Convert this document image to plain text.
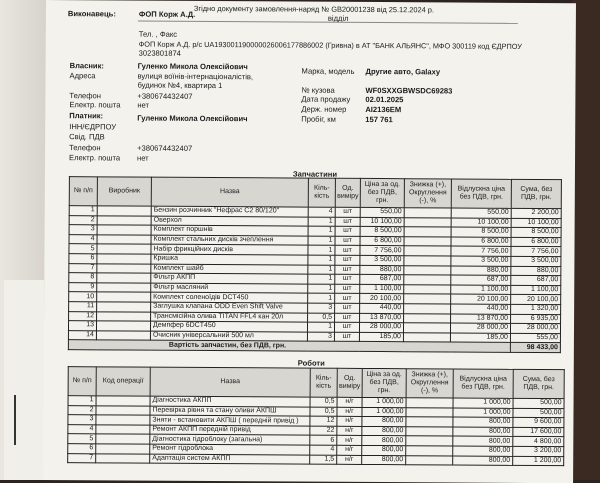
Згідно документу замовлення-наряд № GB20001238 від 25.12.2024 р.
Виконавець:	ФОП Корж А.Д.	відділ
Тел. , Факс
ФОП Корж А.Д. р/с UA193001190000026006177886002 (Гривна) в АТ "БАНК АЛЬЯНС", МФО 300119 код ЄДРПОУ
3023801874
Власник:	Гуленко Микола Олексійович
Адреса	вулиця воїнів-інтернаціоналістів,
будинок №4, квартира 1
Телефон	+380674432407
Електр. пошта нет
Платник:	Гуленко Микола Олексійович
ІНН/ЄДРПОУ
Свід. ПДВ
Телефон	+380674432407
Електр. пошта нет
Марка, модель Другие авто, Galaxy
№ кузова	WF0SXXGBWSDC69283
Дата продажу 02.01.2025
Держ. номер AI2136EM
Пробіг, км	157 761
Запчастини
№ п/п	Виробник	Назва	Кіль-кість	Од. виміру	Ціна за од. без ПДВ, грн.	Знижка (+), Округлення (-), %	Відлускна ціна без ПДВ, грн.	Сума, без ПДВ, грн.
1		Бензин розчинник "Нефрас С2 80/120"	4	шт	550,00		550,00	2 200,00
2		Оверхол	1	шт	10 100,00		10 100,00	10 100,00
3		Комплект поршнів	1	шт	8 500,00		8 500,00	8 500,00
4		Комплект стальних дисків зчеплення	1	шт	6 800,00		6 800,00	6 800,00
5		Набір фрикційних дисків	1	шт	7 756,00		7 756,00	7 756,00
6		Кришка	1	шт	3 500,00		3 500,00	3 500,00
7		Комплект шайб	1	шт	880,00		880,00	880,00
8		Фільтр АКПП	1	шт	687,00		687,00	687,00
9		Фільтр масляний	1	шт	1 100,00		1 100,00	1 100,00
10		Комплект соленоїдів DCT450	1	шт	20 100,00		20 100,00	20 100,00
11		Заглушка клапана ODD Even Shift Valve	3	шт	440,00		440,00	1 320,00
12		Трансмісійна олива TITAN FFL4 кан 20л	0,5	шт	13 870,00		13 870,00	6 935,00
13		Демпфер 6DCT450	1	шт	28 000,00		28 000,00	28 000,00
14		Очисник універсальний 500 мл	3	шт	185,00		185,00	555,00
Вартість запчастин, без ПДВ, грн.								98 433,00
Роботи
№ п/п	Код операції	Назва	Кіль-кість	Од. виміру	Ціна за од. без ПДВ, грн.	Знижка (+), Округлення (-), %	Відлускна ціна без ПДВ, грн.	Сума, без ПДВ, грн.
1		Діагностика АКПП	0,5	н/г	1 000,00		1 000,00	500,00
2		Перевірка рівня та стану оливи АКПШ	0,5	н/г	1 000,00		1 000,00	500,00
3		Зняти - встановити АКПШ ( передній привід )	12	н/г	800,00		800,00	9 600,00
4		Ремонт АКПП передній привід	22	н/г	800,00		800,00	17 600,00
5		Діагностика гідроблоку (загальна)	6	н/г	800,00		800,00	4 800,00
6		Ремонт гідроблока	4	н/г	800,00		800,00	3 200,00
7		Адаптація систем АКПП	1,5	н/г	800,00		800,00	1 200,00
